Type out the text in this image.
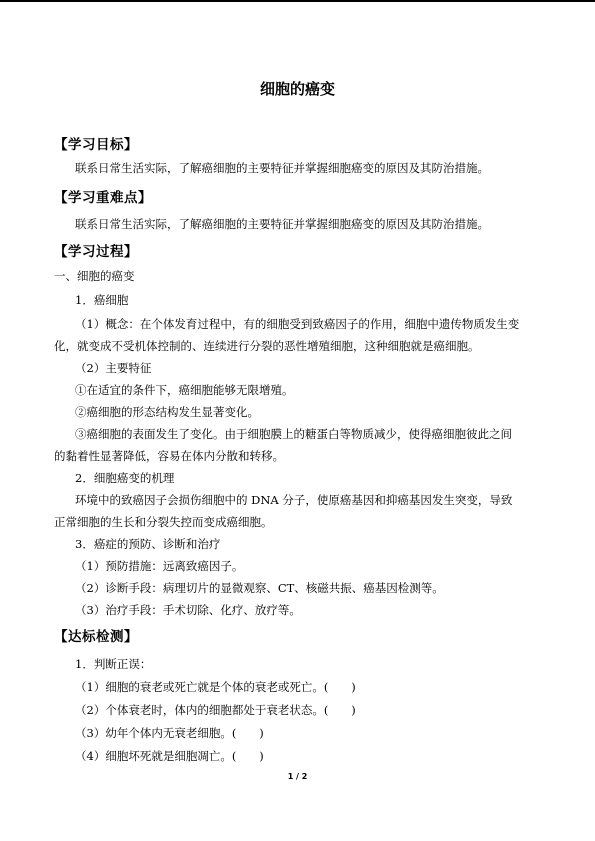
细胞的癌变
【学习目标】
联系日常生活实际，了解癌细胞的主要特征并掌握细胞癌变的原因及其防治措施。
【学习重难点】
联系日常生活实际，了解癌细胞的主要特征并掌握细胞癌变的原因及其防治措施。
【学习过程】
一、细胞的癌变
1．癌细胞
（1）概念：在个体发育过程中，有的细胞受到致癌因子的作用，细胞中遗传物质发生变
化，就变成不受机体控制的、连续进行分裂的恶性增殖细胞，这种细胞就是癌细胞。
（2）主要特征
①在适宜的条件下，癌细胞能够无限增殖。
②癌细胞的形态结构发生显著变化。
③癌细胞的表面发生了变化。由于细胞膜上的糖蛋白等物质减少，使得癌细胞彼此之间
的黏着性显著降低，容易在体内分散和转移。
2．细胞癌变的机理
环境中的致癌因子会损伤细胞中的 DNA 分子，使原癌基因和抑癌基因发生突变，导致
正常细胞的生长和分裂失控而变成癌细胞。
3．癌症的预防、诊断和治疗
（1）预防措施：远离致癌因子。
（2）诊断手段：病理切片的显微观察、CT、核磁共振、癌基因检测等。
（3）治疗手段：手术切除、化疗、放疗等。
【达标检测】
1．判断正误：
（1）细胞的衰老或死亡就是个体的衰老或死亡。(　　)
（2）个体衰老时，体内的细胞都处于衰老状态。(　　)
（3）幼年个体内无衰老细胞。(　　)
（4）细胞坏死就是细胞凋亡。(　　)
1 / 2
